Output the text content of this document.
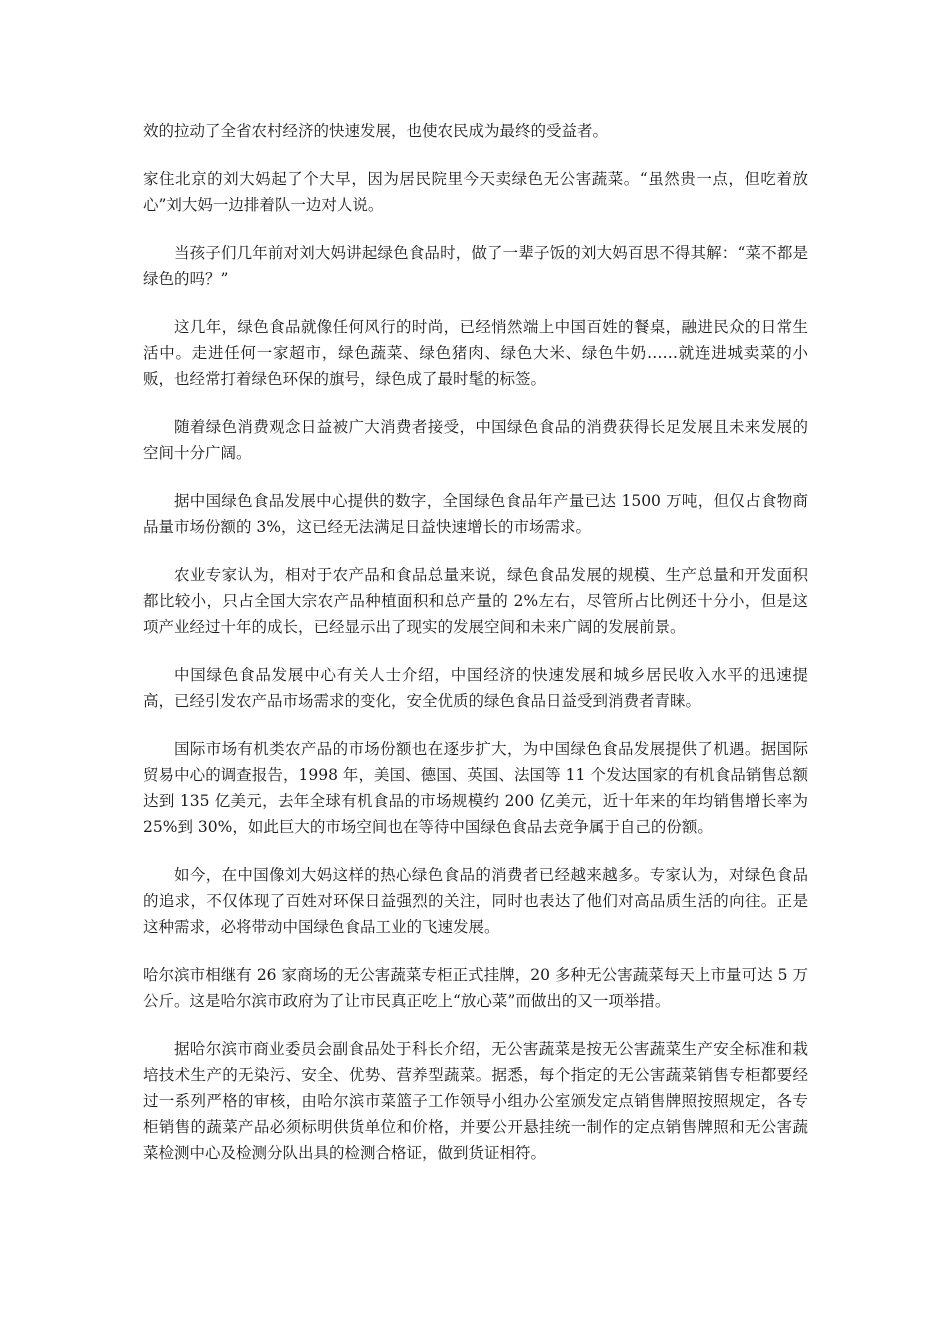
效的拉动了全省农村经济的快速发展，也使农民成为最终的受益者。

家住北京的刘大妈起了个大早，因为居民院里今天卖绿色无公害蔬菜。“虽然贵一点，但吃着放心”刘大妈一边排着队一边对人说。

当孩子们几年前对刘大妈讲起绿色食品时，做了一辈子饭的刘大妈百思不得其解：“菜不都是绿色的吗？”

这几年，绿色食品就像任何风行的时尚，已经悄然端上中国百姓的餐桌，融进民众的日常生活中。走进任何一家超市，绿色蔬菜、绿色猪肉、绿色大米、绿色牛奶……就连进城卖菜的小贩，也经常打着绿色环保的旗号，绿色成了最时髦的标签。

随着绿色消费观念日益被广大消费者接受，中国绿色食品的消费获得长足发展且未来发展的空间十分广阔。

据中国绿色食品发展中心提供的数字，全国绿色食品年产量已达 1500 万吨，但仅占食物商品量市场份额的 3%，这已经无法满足日益快速增长的市场需求。

农业专家认为，相对于农产品和食品总量来说，绿色食品发展的规模、生产总量和开发面积都比较小，只占全国大宗农产品种植面积和总产量的 2%左右，尽管所占比例还十分小，但是这项产业经过十年的成长，已经显示出了现实的发展空间和未来广阔的发展前景。

中国绿色食品发展中心有关人士介绍，中国经济的快速发展和城乡居民收入水平的迅速提高，已经引发农产品市场需求的变化，安全优质的绿色食品日益受到消费者青睐。

国际市场有机类农产品的市场份额也在逐步扩大，为中国绿色食品发展提供了机遇。据国际贸易中心的调查报告，1998 年，美国、德国、英国、法国等 11 个发达国家的有机食品销售总额达到 135 亿美元，去年全球有机食品的市场规模约 200 亿美元，近十年来的年均销售增长率为 25%到 30%，如此巨大的市场空间也在等待中国绿色食品去竞争属于自己的份额。

如今，在中国像刘大妈这样的热心绿色食品的消费者已经越来越多。专家认为，对绿色食品的追求，不仅体现了百姓对环保日益强烈的关注，同时也表达了他们对高品质生活的向往。正是这种需求，必将带动中国绿色食品工业的飞速发展。

哈尔滨市相继有 26 家商场的无公害蔬菜专柜正式挂牌，20 多种无公害蔬菜每天上市量可达 5 万公斤。这是哈尔滨市政府为了让市民真正吃上“放心菜”而做出的又一项举措。

据哈尔滨市商业委员会副食品处于科长介绍，无公害蔬菜是按无公害蔬菜生产安全标准和栽培技术生产的无染污、安全、优势、营养型蔬菜。据悉，每个指定的无公害蔬菜销售专柜都要经过一系列严格的审核，由哈尔滨市菜篮子工作领导小组办公室颁发定点销售牌照按照规定，各专柜销售的蔬菜产品必须标明供货单位和价格，并要公开悬挂统一制作的定点销售牌照和无公害蔬菜检测中心及检测分队出具的检测合格证，做到货证相符。
